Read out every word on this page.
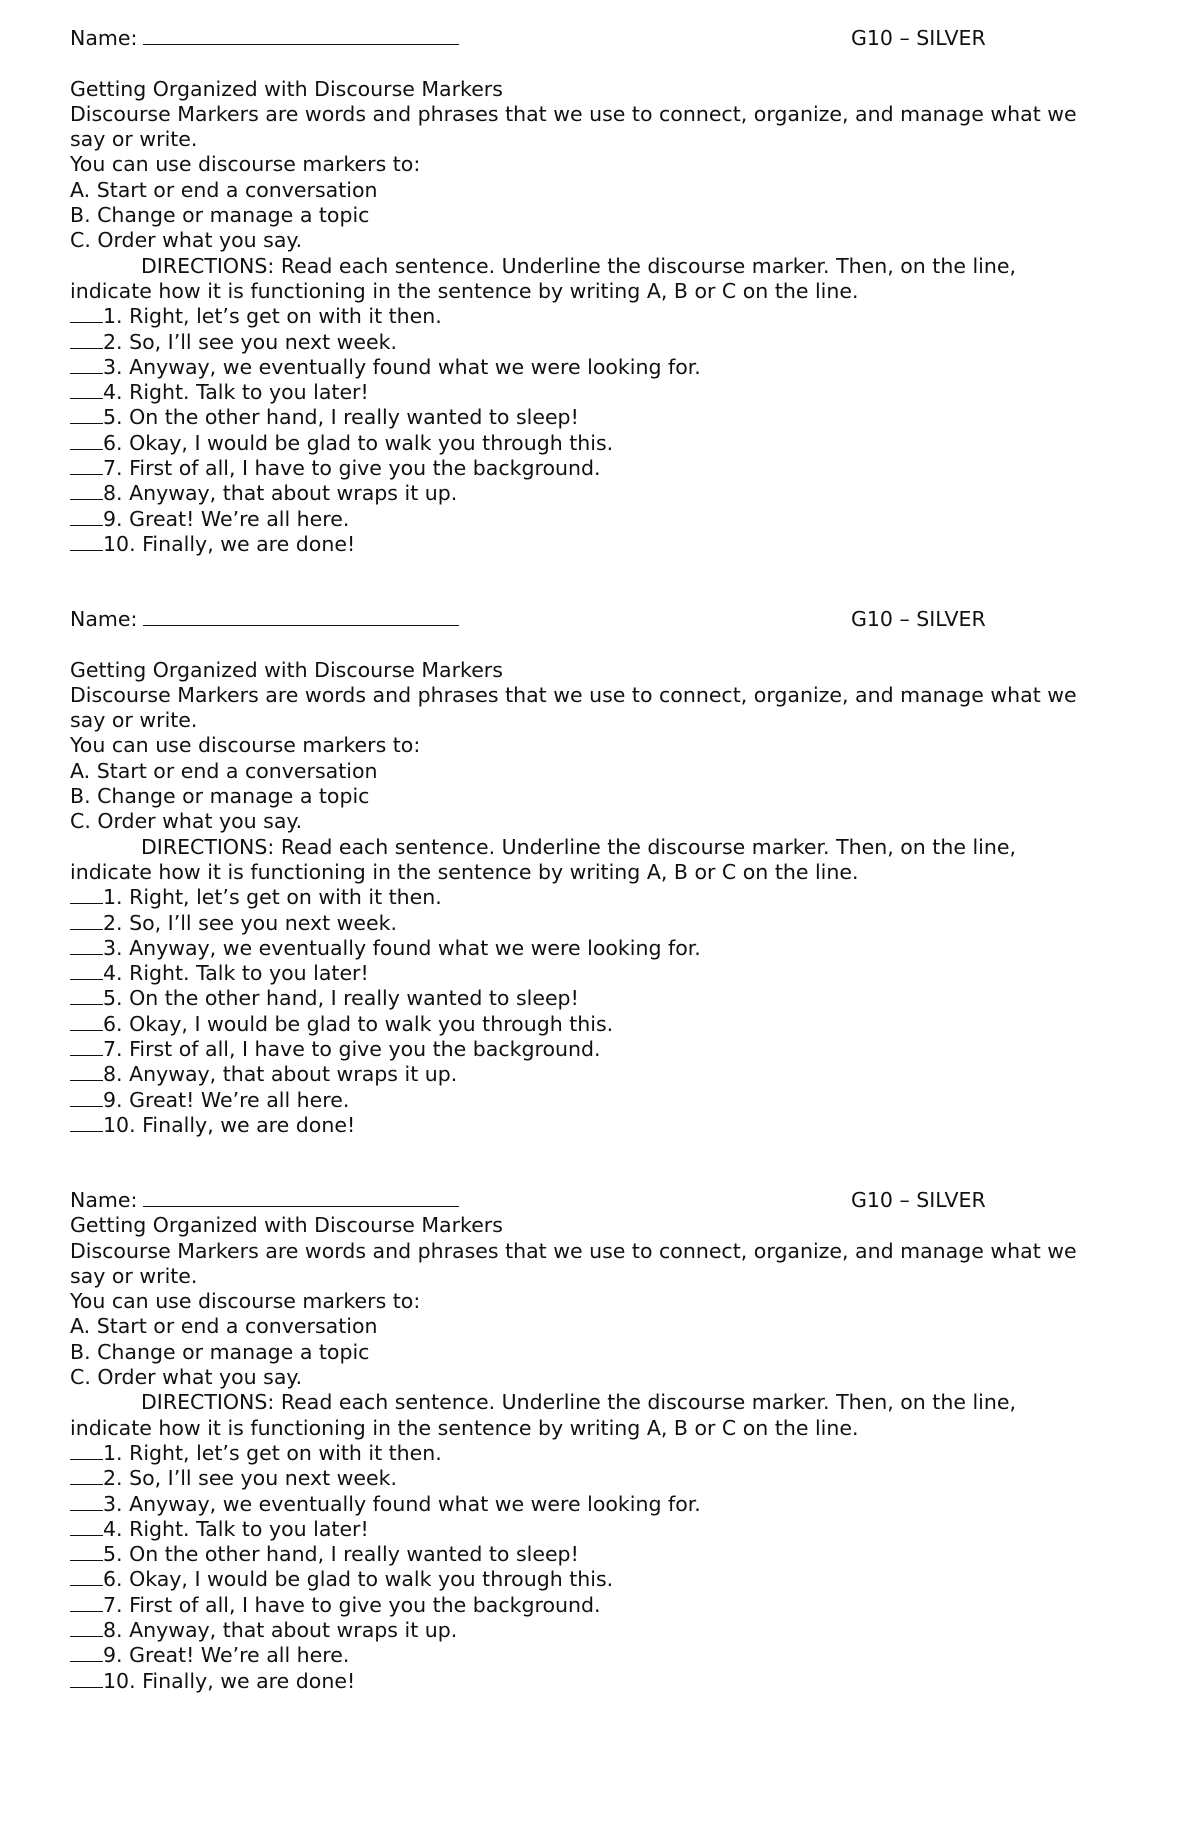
Name:	G10 – SILVER
Getting Organized with Discourse Markers
Discourse Markers are words and phrases that we use to connect, organize, and manage what we say or write.
You can use discourse markers to:
A. Start or end a conversation
B. Change or manage a topic
C. Order what you say.
DIRECTIONS: Read each sentence. Underline the discourse marker. Then, on the line,
indicate how it is functioning in the sentence by writing A, B or C on the line.
1. Right, let’s get on with it then.
2. So, I’ll see you next week.
3. Anyway, we eventually found what we were looking for.
4. Right. Talk to you later!
5. On the other hand, I really wanted to sleep!
6. Okay, I would be glad to walk you through this.
7. First of all, I have to give you the background.
8. Anyway, that about wraps it up.
9. Great! We’re all here.
10. Finally, we are done!
Name:	G10 – SILVER
Getting Organized with Discourse Markers
Discourse Markers are words and phrases that we use to connect, organize, and manage what we say or write.
You can use discourse markers to:
A. Start or end a conversation
B. Change or manage a topic
C. Order what you say.
DIRECTIONS: Read each sentence. Underline the discourse marker. Then, on the line,
indicate how it is functioning in the sentence by writing A, B or C on the line.
1. Right, let’s get on with it then.
2. So, I’ll see you next week.
3. Anyway, we eventually found what we were looking for.
4. Right. Talk to you later!
5. On the other hand, I really wanted to sleep!
6. Okay, I would be glad to walk you through this.
7. First of all, I have to give you the background.
8. Anyway, that about wraps it up.
9. Great! We’re all here.
10. Finally, we are done!
Name:	G10 – SILVER
Getting Organized with Discourse Markers
Discourse Markers are words and phrases that we use to connect, organize, and manage what we say or write.
You can use discourse markers to:
A. Start or end a conversation
B. Change or manage a topic
C. Order what you say.
DIRECTIONS: Read each sentence. Underline the discourse marker. Then, on the line,
indicate how it is functioning in the sentence by writing A, B or C on the line.
1. Right, let’s get on with it then.
2. So, I’ll see you next week.
3. Anyway, we eventually found what we were looking for.
4. Right. Talk to you later!
5. On the other hand, I really wanted to sleep!
6. Okay, I would be glad to walk you through this.
7. First of all, I have to give you the background.
8. Anyway, that about wraps it up.
9. Great! We’re all here.
10. Finally, we are done!
